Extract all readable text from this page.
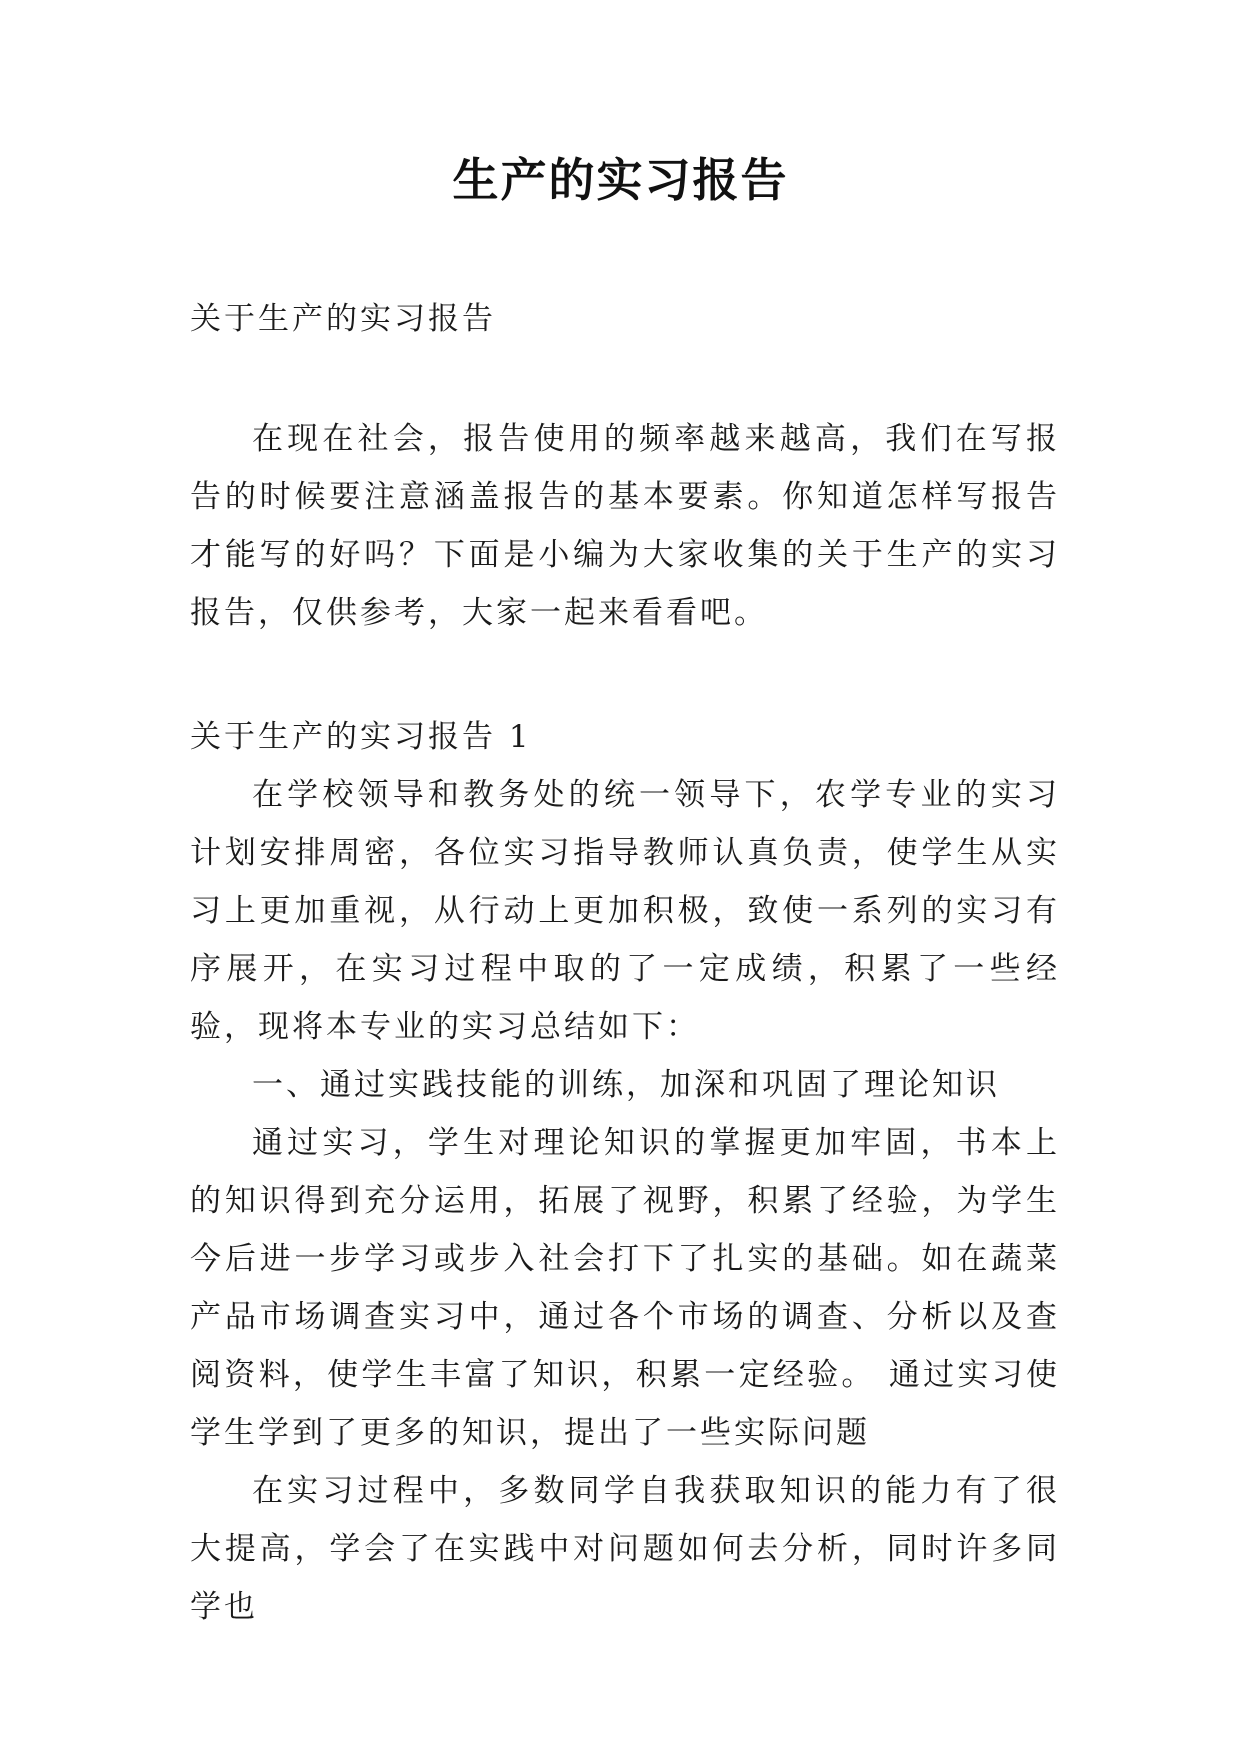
生产的实习报告

关于生产的实习报告

在现在社会，报告使用的频率越来越高，我们在写报告的时候要注意涵盖报告的基本要素。你知道怎样写报告才能写的好吗？下面是小编为大家收集的关于生产的实习报告，仅供参考，大家一起来看看吧。

关于生产的实习报告 1

在学校领导和教务处的统一领导下，农学专业的实习计划安排周密，各位实习指导教师认真负责，使学生从实习上更加重视，从行动上更加积极，致使一系列的实习有序展开，在实习过程中取的了一定成绩，积累了一些经验，现将本专业的实习总结如下：

一、通过实践技能的训练，加深和巩固了理论知识

通过实习，学生对理论知识的掌握更加牢固，书本上的知识得到充分运用，拓展了视野，积累了经验，为学生今后进一步学习或步入社会打下了扎实的基础。如在蔬菜产品市场调查实习中，通过各个市场的调查、分析以及查阅资料，使学生丰富了知识，积累一定经验。 通过实习使学生学到了更多的知识，提出了一些实际问题

在实习过程中，多数同学自我获取知识的能力有了很大提高，学会了在实践中对问题如何去分析，同时许多同学也
